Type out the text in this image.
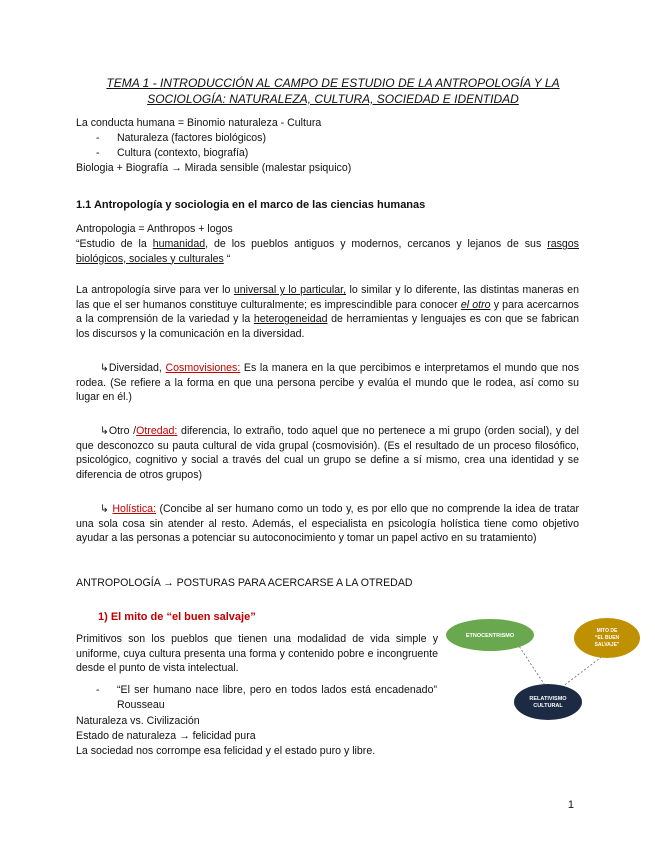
TEMA 1 - INTRODUCCIÓN AL CAMPO DE ESTUDIO DE LA ANTROPOLOGÍA Y LA SOCIOLOGÍA: NATURALEZA, CULTURA, SOCIEDAD E IDENTIDAD
La conducta humana = Binomio naturaleza - Cultura
- Naturaleza (factores biológicos)
- Cultura (contexto, biografía)
Biologia + Biografía → Mirada sensible (malestar psiquico)
1.1 Antropología y sociologia en el marco de las ciencias humanas
Antropologia = Anthropos + logos
“Estudio de la humanidad, de los pueblos antiguos y modernos, cercanos y lejanos de sus rasgos biológicos, sociales y culturales “
La antropología sirve para ver lo universal y lo particular, lo similar y lo diferente, las distintas maneras en las que el ser humanos constituye culturalmente; es imprescindible para conocer el otro y para acercarnos a la comprensión de la variedad y la heterogeneidad de herramientas y lenguajes es con que se fabrican los discursos y la comunicación en la diversidad.
↳Diversidad, Cosmovisiones: Es la manera en la que percibimos e interpretamos el mundo que nos rodea. (Se refiere a la forma en que una persona percibe y evalúa el mundo que le rodea, así como su lugar en él.)
↳Otro /Otredad: diferencia, lo extraño, todo aquel que no pertenece a mi grupo (orden social), y del que desconozco su pauta cultural de vida grupal (cosmovisión). (Es el resultado de un proceso filosófico, psicológico, cognitivo y social a través del cual un grupo se define a sí mismo, crea una identidad y se diferencia de otros grupos)
↳ Holística: (Concibe al ser humano como un todo y, es por ello que no comprende la idea de tratar una sola cosa sin atender al resto. Además, el especialista en psicología holística tiene como objetivo ayudar a las personas a potenciar su autoconocimiento y tomar un papel activo en su tratamiento)
ANTROPOLOGÍA → POSTURAS PARA ACERCARSE A LA OTREDAD
1) El mito de “el buen salvaje”
Primitivos son los pueblos que tienen una modalidad de vida simple y uniforme, cuya cultura presenta una forma y contenido pobre e incongruente desde el punto de vista intelectual.
- “El ser humano nace libre, pero en todos lados está encadenado” Rousseau
Naturaleza vs. Civilización
Estado de naturaleza → felicidad pura
La sociedad nos corrompe esa felicidad y el estado puro y libre.
ETNOCENTRISMO
MITO DE
“EL BUEN
SALVAJE”
RELATIVISMO
CULTURAL
1
